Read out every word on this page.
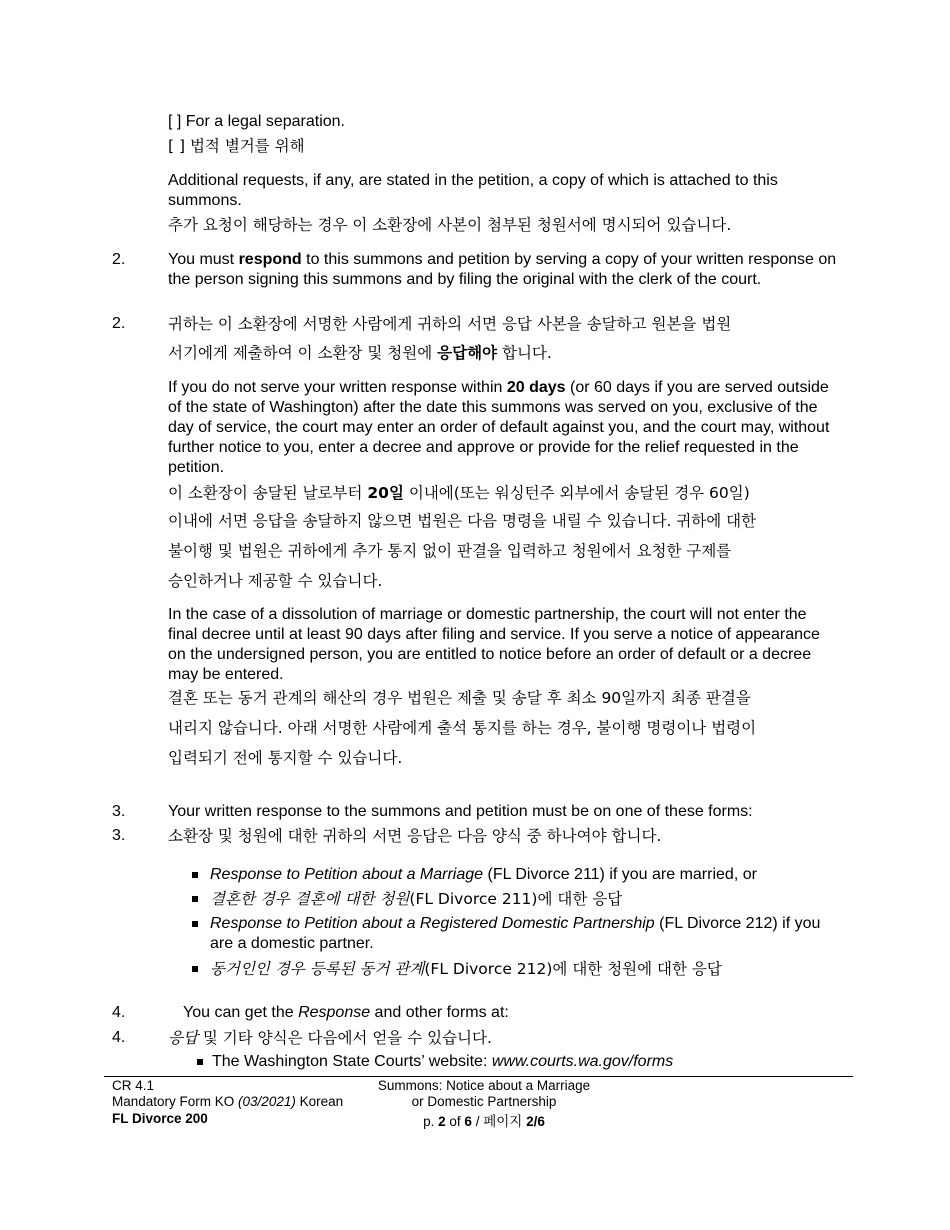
[ ] For a legal separation.
[ ] 법적 별거를 위해
Additional requests, if any, are stated in the petition, a copy of which is attached to this summons.
추가 요청이 해당하는 경우 이 소환장에 사본이 첨부된 청원서에 명시되어 있습니다.
2.	You must respond to this summons and petition by serving a copy of your written response on the person signing this summons and by filing the original with the clerk of the court.
2.	귀하는 이 소환장에 서명한 사람에게 귀하의 서면 응답 사본을 송달하고 원본을 법원
서기에게 제출하여 이 소환장 및 청원에 응답해야 합니다.
If you do not serve your written response within 20 days (or 60 days if you are served outside of the state of Washington) after the date this summons was served on you, exclusive of the day of service, the court may enter an order of default against you, and the court may, without further notice to you, enter a decree and approve or provide for the relief requested in the petition.
이 소환장이 송달된 날로부터 20일 이내에(또는 워싱턴주 외부에서 송달된 경우 60일)
이내에 서면 응답을 송달하지 않으면 법원은 다음 명령을 내릴 수 있습니다. 귀하에 대한
불이행 및 법원은 귀하에게 추가 통지 없이 판결을 입력하고 청원에서 요청한 구제를
승인하거나 제공할 수 있습니다.
In the case of a dissolution of marriage or domestic partnership, the court will not enter the final decree until at least 90 days after filing and service. If you serve a notice of appearance on the undersigned person, you are entitled to notice before an order of default or a decree may be entered.
결혼 또는 동거 관계의 해산의 경우 법원은 제출 및 송달 후 최소 90일까지 최종 판결을
내리지 않습니다. 아래 서명한 사람에게 출석 통지를 하는 경우, 불이행 명령이나 법령이
입력되기 전에 통지할 수 있습니다.
3.	Your written response to the summons and petition must be on one of these forms:
3.	소환장 및 청원에 대한 귀하의 서면 응답은 다음 양식 중 하나여야 합니다.
Response to Petition about a Marriage (FL Divorce 211) if you are married, or
결혼한 경우 결혼에 대한 청원(FL Divorce 211)에 대한 응답
Response to Petition about a Registered Domestic Partnership (FL Divorce 212) if you are a domestic partner.
동거인인 경우 등록된 동거 관계(FL Divorce 212)에 대한 청원에 대한 응답
4.	You can get the Response and other forms at:
4.	응답 및 기타 양식은 다음에서 얻을 수 있습니다.
The Washington State Courts’ website: www.courts.wa.gov/forms
CR 4.1
Mandatory Form KO (03/2021) Korean
FL Divorce 200
Summons: Notice about a Marriage
or Domestic Partnership
p. 2 of 6 / 페이지 2/6
